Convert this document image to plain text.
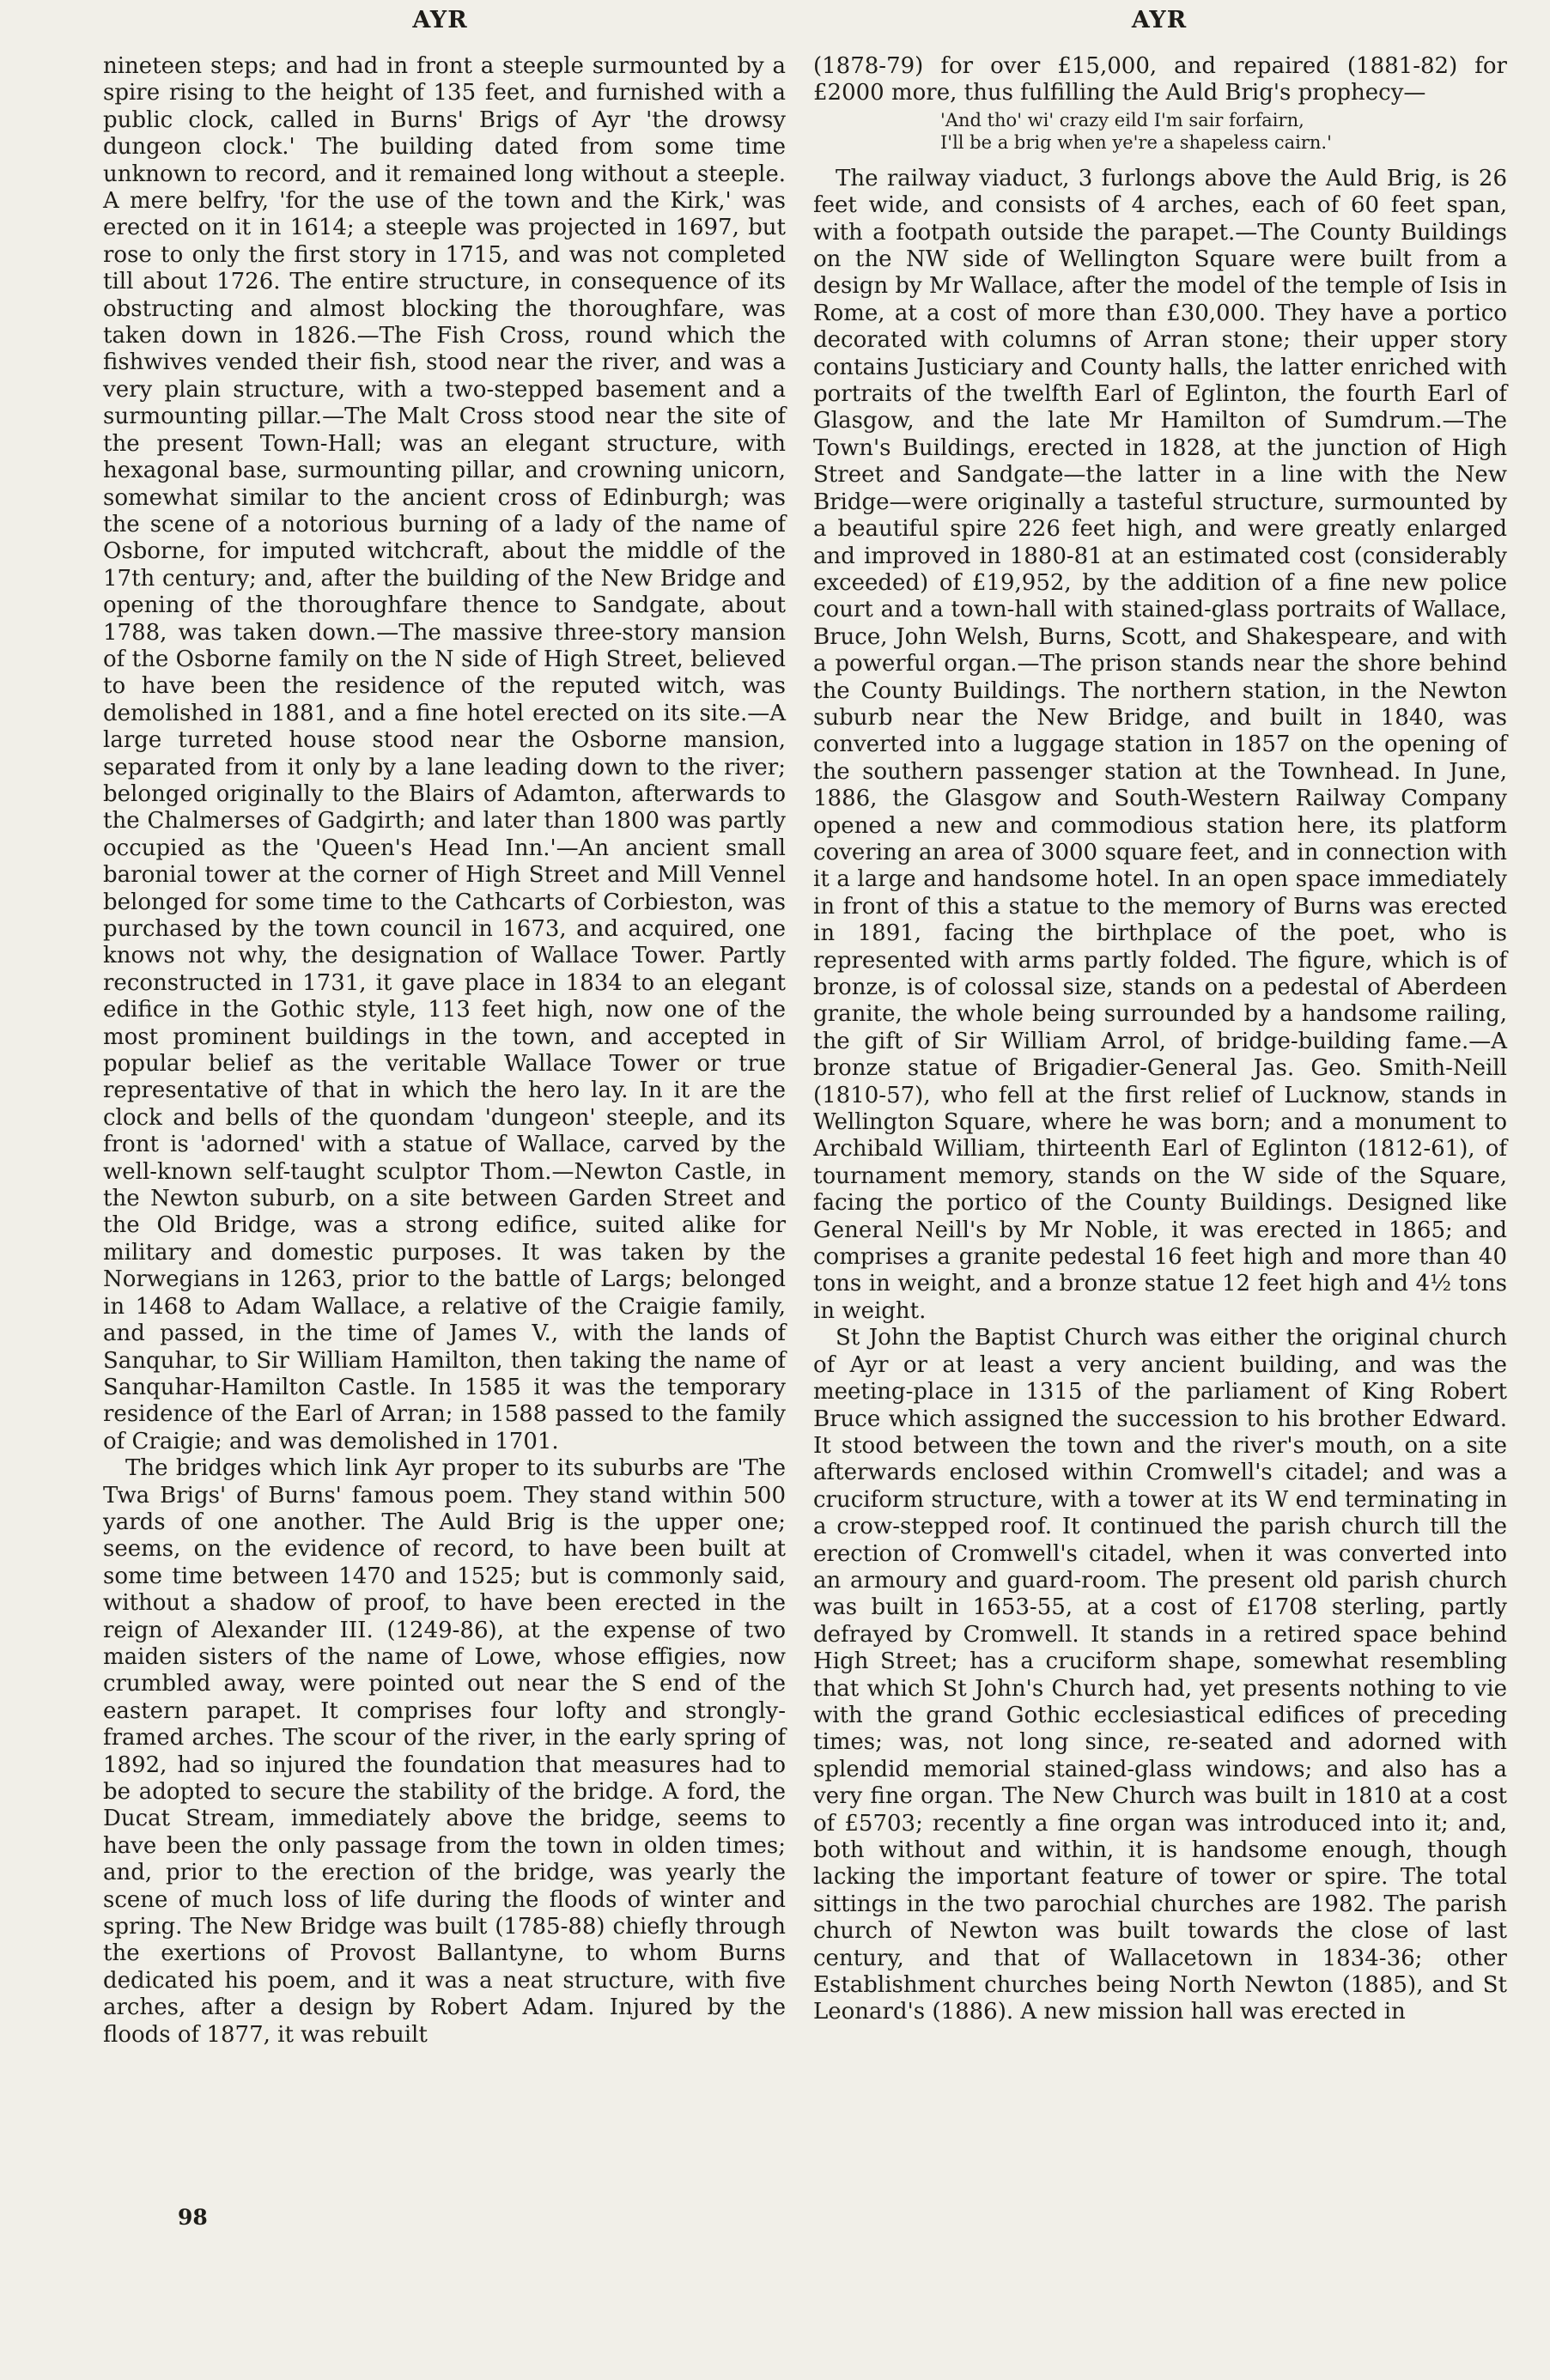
AYR	AYR

nineteen steps; and had in front a steeple surmounted by a spire rising to the height of 135 feet, and furnished with a public clock, called in Burns' Brigs of Ayr 'the drowsy dungeon clock.' The building dated from some time unknown to record, and it remained long without a steeple. A mere belfry, 'for the use of the town and the Kirk,' was erected on it in 1614; a steeple was projected in 1697, but rose to only the first story in 1715, and was not completed till about 1726. The entire structure, in consequence of its obstructing and almost blocking the thoroughfare, was taken down in 1826.—The Fish Cross, round which the fishwives vended their fish, stood near the river, and was a very plain structure, with a two-stepped basement and a surmounting pillar.—The Malt Cross stood near the site of the present Town-Hall; was an elegant structure, with hexagonal base, surmounting pillar, and crowning unicorn, somewhat similar to the ancient cross of Edinburgh; was the scene of a notorious burning of a lady of the name of Osborne, for imputed witchcraft, about the middle of the 17th century; and, after the building of the New Bridge and opening of the thoroughfare thence to Sandgate, about 1788, was taken down.—The massive three-story mansion of the Osborne family on the N side of High Street, believed to have been the residence of the reputed witch, was demolished in 1881, and a fine hotel erected on its site.—A large turreted house stood near the Osborne mansion, separated from it only by a lane leading down to the river; belonged originally to the Blairs of Adamton, afterwards to the Chalmerses of Gadgirth; and later than 1800 was partly occupied as the 'Queen's Head Inn.'—An ancient small baronial tower at the corner of High Street and Mill Vennel belonged for some time to the Cathcarts of Corbieston, was purchased by the town council in 1673, and acquired, one knows not why, the designation of Wallace Tower. Partly reconstructed in 1731, it gave place in 1834 to an elegant edifice in the Gothic style, 113 feet high, now one of the most prominent buildings in the town, and accepted in popular belief as the veritable Wallace Tower or true representative of that in which the hero lay. In it are the clock and bells of the quondam 'dungeon' steeple, and its front is 'adorned' with a statue of Wallace, carved by the well-known self-taught sculptor Thom.—Newton Castle, in the Newton suburb, on a site between Garden Street and the Old Bridge, was a strong edifice, suited alike for military and domestic purposes. It was taken by the Norwegians in 1263, prior to the battle of Largs; belonged in 1468 to Adam Wallace, a relative of the Craigie family, and passed, in the time of James V., with the lands of Sanquhar, to Sir William Hamilton, then taking the name of Sanquhar-Hamilton Castle. In 1585 it was the temporary residence of the Earl of Arran; in 1588 passed to the family of Craigie; and was demolished in 1701.

The bridges which link Ayr proper to its suburbs are 'The Twa Brigs' of Burns' famous poem. They stand within 500 yards of one another. The Auld Brig is the upper one; seems, on the evidence of record, to have been built at some time between 1470 and 1525; but is commonly said, without a shadow of proof, to have been erected in the reign of Alexander III. (1249-86), at the expense of two maiden sisters of the name of Lowe, whose effigies, now crumbled away, were pointed out near the S end of the eastern parapet. It comprises four lofty and strongly-framed arches. The scour of the river, in the early spring of 1892, had so injured the foundation that measures had to be adopted to secure the stability of the bridge. A ford, the Ducat Stream, immediately above the bridge, seems to have been the only passage from the town in olden times; and, prior to the erection of the bridge, was yearly the scene of much loss of life during the floods of winter and spring. The New Bridge was built (1785-88) chiefly through the exertions of Provost Ballantyne, to whom Burns dedicated his poem, and it was a neat structure, with five arches, after a design by Robert Adam. Injured by the floods of 1877, it was rebuilt

(1878-79) for over £15,000, and repaired (1881-82) for £2000 more, thus fulfilling the Auld Brig's prophecy—

'And tho' wi' crazy eild I'm sair forfairn,
I'll be a brig when ye're a shapeless cairn.'

The railway viaduct, 3 furlongs above the Auld Brig, is 26 feet wide, and consists of 4 arches, each of 60 feet span, with a footpath outside the parapet.—The County Buildings on the NW side of Wellington Square were built from a design by Mr Wallace, after the model of the temple of Isis in Rome, at a cost of more than £30,000. They have a portico decorated with columns of Arran stone; their upper story contains Justiciary and County halls, the latter enriched with portraits of the twelfth Earl of Eglinton, the fourth Earl of Glasgow, and the late Mr Hamilton of Sumdrum.—The Town's Buildings, erected in 1828, at the junction of High Street and Sandgate—the latter in a line with the New Bridge—were originally a tasteful structure, surmounted by a beautiful spire 226 feet high, and were greatly enlarged and improved in 1880-81 at an estimated cost (considerably exceeded) of £19,952, by the addition of a fine new police court and a town-hall with stained-glass portraits of Wallace, Bruce, John Welsh, Burns, Scott, and Shakespeare, and with a powerful organ.—The prison stands near the shore behind the County Buildings. The northern station, in the Newton suburb near the New Bridge, and built in 1840, was converted into a luggage station in 1857 on the opening of the southern passenger station at the Townhead. In June, 1886, the Glasgow and South-Western Railway Company opened a new and commodious station here, its platform covering an area of 3000 square feet, and in connection with it a large and handsome hotel. In an open space immediately in front of this a statue to the memory of Burns was erected in 1891, facing the birthplace of the poet, who is represented with arms partly folded. The figure, which is of bronze, is of colossal size, stands on a pedestal of Aberdeen granite, the whole being surrounded by a handsome railing, the gift of Sir William Arrol, of bridge-building fame.—A bronze statue of Brigadier-General Jas. Geo. Smith-Neill (1810-57), who fell at the first relief of Lucknow, stands in Wellington Square, where he was born; and a monument to Archibald William, thirteenth Earl of Eglinton (1812-61), of tournament memory, stands on the W side of the Square, facing the portico of the County Buildings. Designed like General Neill's by Mr Noble, it was erected in 1865; and comprises a granite pedestal 16 feet high and more than 40 tons in weight, and a bronze statue 12 feet high and 4½ tons in weight.

St John the Baptist Church was either the original church of Ayr or at least a very ancient building, and was the meeting-place in 1315 of the parliament of King Robert Bruce which assigned the succession to his brother Edward. It stood between the town and the river's mouth, on a site afterwards enclosed within Cromwell's citadel; and was a cruciform structure, with a tower at its W end terminating in a crow-stepped roof. It continued the parish church till the erection of Cromwell's citadel, when it was converted into an armoury and guard-room. The present old parish church was built in 1653-55, at a cost of £1708 sterling, partly defrayed by Cromwell. It stands in a retired space behind High Street; has a cruciform shape, somewhat resembling that which St John's Church had, yet presents nothing to vie with the grand Gothic ecclesiastical edifices of preceding times; was, not long since, re-seated and adorned with splendid memorial stained-glass windows; and also has a very fine organ. The New Church was built in 1810 at a cost of £5703; recently a fine organ was introduced into it; and, both without and within, it is handsome enough, though lacking the important feature of tower or spire. The total sittings in the two parochial churches are 1982. The parish church of Newton was built towards the close of last century, and that of Wallacetown in 1834-36; other Establishment churches being North Newton (1885), and St Leonard's (1886). A new mission hall was erected in

98
